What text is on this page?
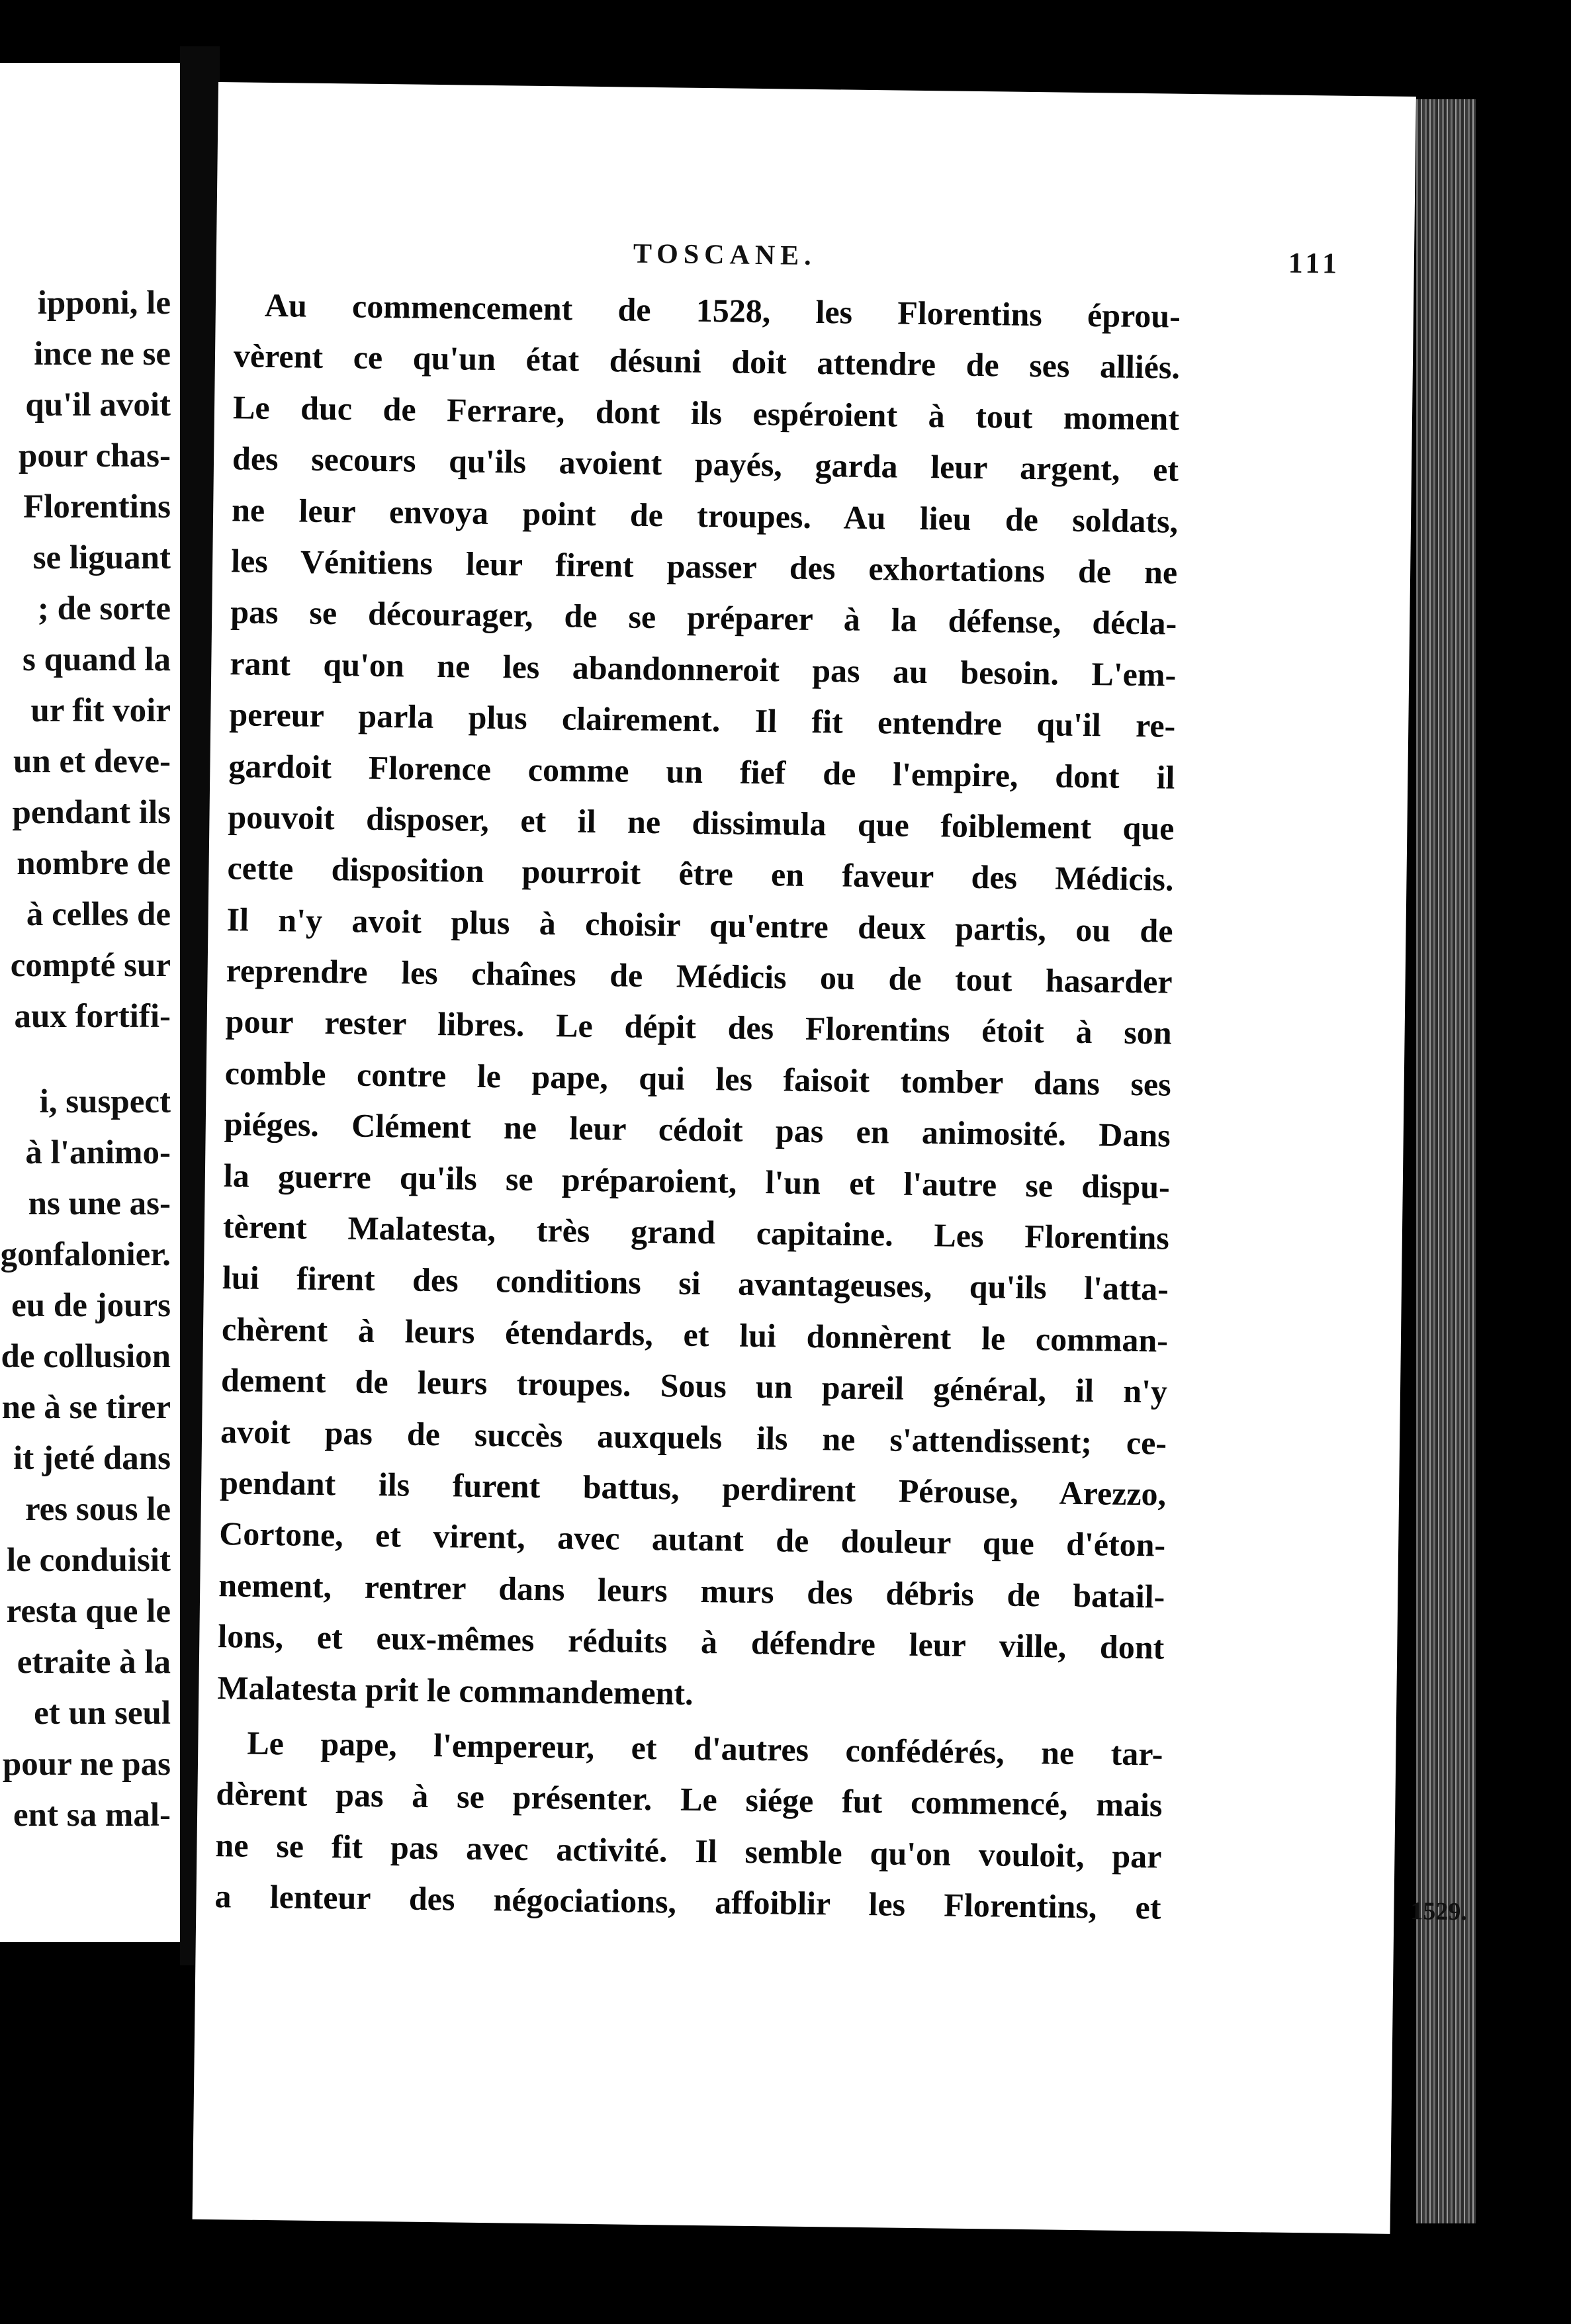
ipponi, le
ince ne se
qu'il avoit
pour chas-
Florentins
se liguant
; de sorte
s quand la
ur fit voir
un et deve-
pendant ils
nombre de
à celles de
compté sur
aux fortifi-
i, suspect
à l'animo-
ns une as-
gonfalonier.
eu de jours
de collusion
ne à se tirer
it jeté dans
res sous le
le conduisit
resta que le
etraite à la
et un seul
pour ne pas
ent sa mal-
TOSCANE.	111
Au commencement de 1528, les Florentins éprou-
vèrent ce qu'un état désuni doit attendre de ses alliés.
Le duc de Ferrare, dont ils espéroient à tout moment
des secours qu'ils avoient payés, garda leur argent, et
ne leur envoya point de troupes. Au lieu de soldats,
les Vénitiens leur firent passer des exhortations de ne
pas se décourager, de se préparer à la défense, décla-
rant qu'on ne les abandonneroit pas au besoin. L'em-
pereur parla plus clairement. Il fit entendre qu'il re-
gardoit Florence comme un fief de l'empire, dont il
pouvoit disposer, et il ne dissimula que foiblement que
cette disposition pourroit être en faveur des Médicis.
Il n'y avoit plus à choisir qu'entre deux partis, ou de
reprendre les chaînes de Médicis ou de tout hasarder
pour rester libres. Le dépit des Florentins étoit à son
comble contre le pape, qui les faisoit tomber dans ses
piéges. Clément ne leur cédoit pas en animosité. Dans
la guerre qu'ils se préparoient, l'un et l'autre se dispu-
tèrent Malatesta, très grand capitaine. Les Florentins
lui firent des conditions si avantageuses, qu'ils l'atta-
chèrent à leurs étendards, et lui donnèrent le comman-
dement de leurs troupes. Sous un pareil général, il n'y
avoit pas de succès auxquels ils ne s'attendissent; ce-
pendant ils furent battus, perdirent Pérouse, Arezzo,
Cortone, et virent, avec autant de douleur que d'éton-
nement, rentrer dans leurs murs des débris de batail-
lons, et eux-mêmes réduits à défendre leur ville, dont
Malatesta prit le commandement.
Le pape, l'empereur, et d'autres confédérés, ne tar-
dèrent pas à se présenter. Le siége fut commencé, mais
ne se fit pas avec activité. Il semble qu'on vouloit, par
a lenteur des négociations, affoiblir les Florentins, et	1529.
